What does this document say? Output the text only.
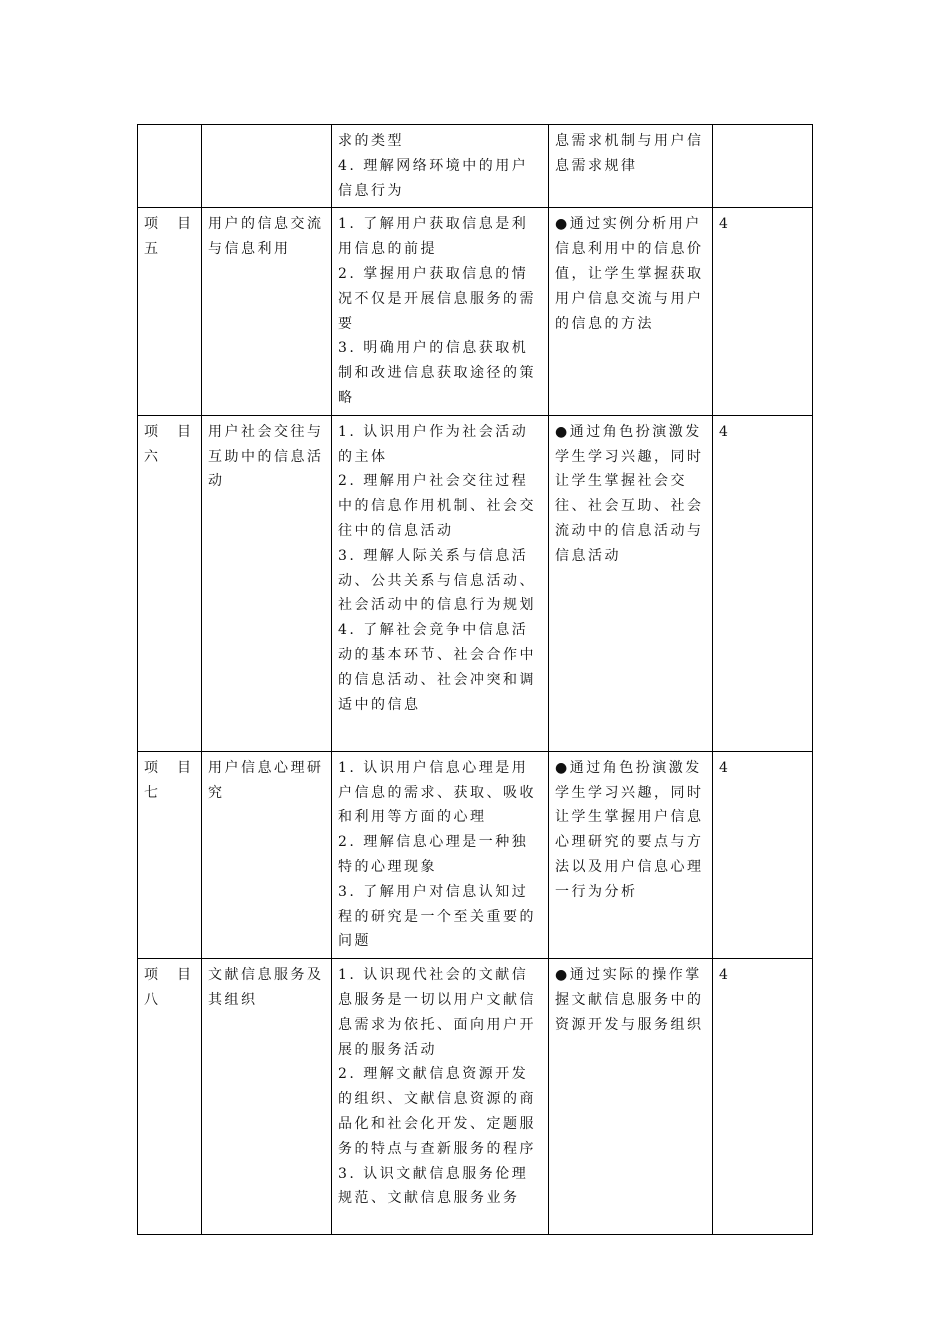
		求的类型
4. 理解网络环境中的用户信息行为	息需求机制与用户信息需求规律	

项　目
五	用户的信息交流与信息利用	1. 了解用户获取信息是利用信息的前提
2. 掌握用户获取信息的情况不仅是开展信息服务的需要
3. 明确用户的信息获取机制和改进信息获取途径的策略	●通过实例分析用户信息利用中的信息价值，让学生掌握获取用户信息交流与用户的信息的方法	4

项　目
六	用户社会交往与互助中的信息活动	1. 认识用户作为社会活动的主体
2. 理解用户社会交往过程中的信息作用机制、社会交往中的信息活动
3. 理解人际关系与信息活动、公共关系与信息活动、社会活动中的信息行为规划
4. 了解社会竞争中信息活动的基本环节、社会合作中的信息活动、社会冲突和调适中的信息	●通过角色扮演激发学生学习兴趣，同时让学生掌握社会交往、社会互助、社会流动中的信息活动与信息活动	4

项　目
七	用户信息心理研究	1. 认识用户信息心理是用户信息的需求、获取、吸收和利用等方面的心理
2. 理解信息心理是一种独特的心理现象
3. 了解用户对信息认知过程的研究是一个至关重要的问题	●通过角色扮演激发学生学习兴趣，同时让学生掌握用户信息心理研究的要点与方法以及用户信息心理一行为分析	4

项　目
八	文献信息服务及其组织	1. 认识现代社会的文献信息服务是一切以用户文献信息需求为依托、面向用户开展的服务活动
2. 理解文献信息资源开发的组织、文献信息资源的商品化和社会化开发、定题服务的特点与查新服务的程序
3. 认识文献信息服务伦理规范、文献信息服务业务	●通过实际的操作掌握文献信息服务中的资源开发与服务组织	4
